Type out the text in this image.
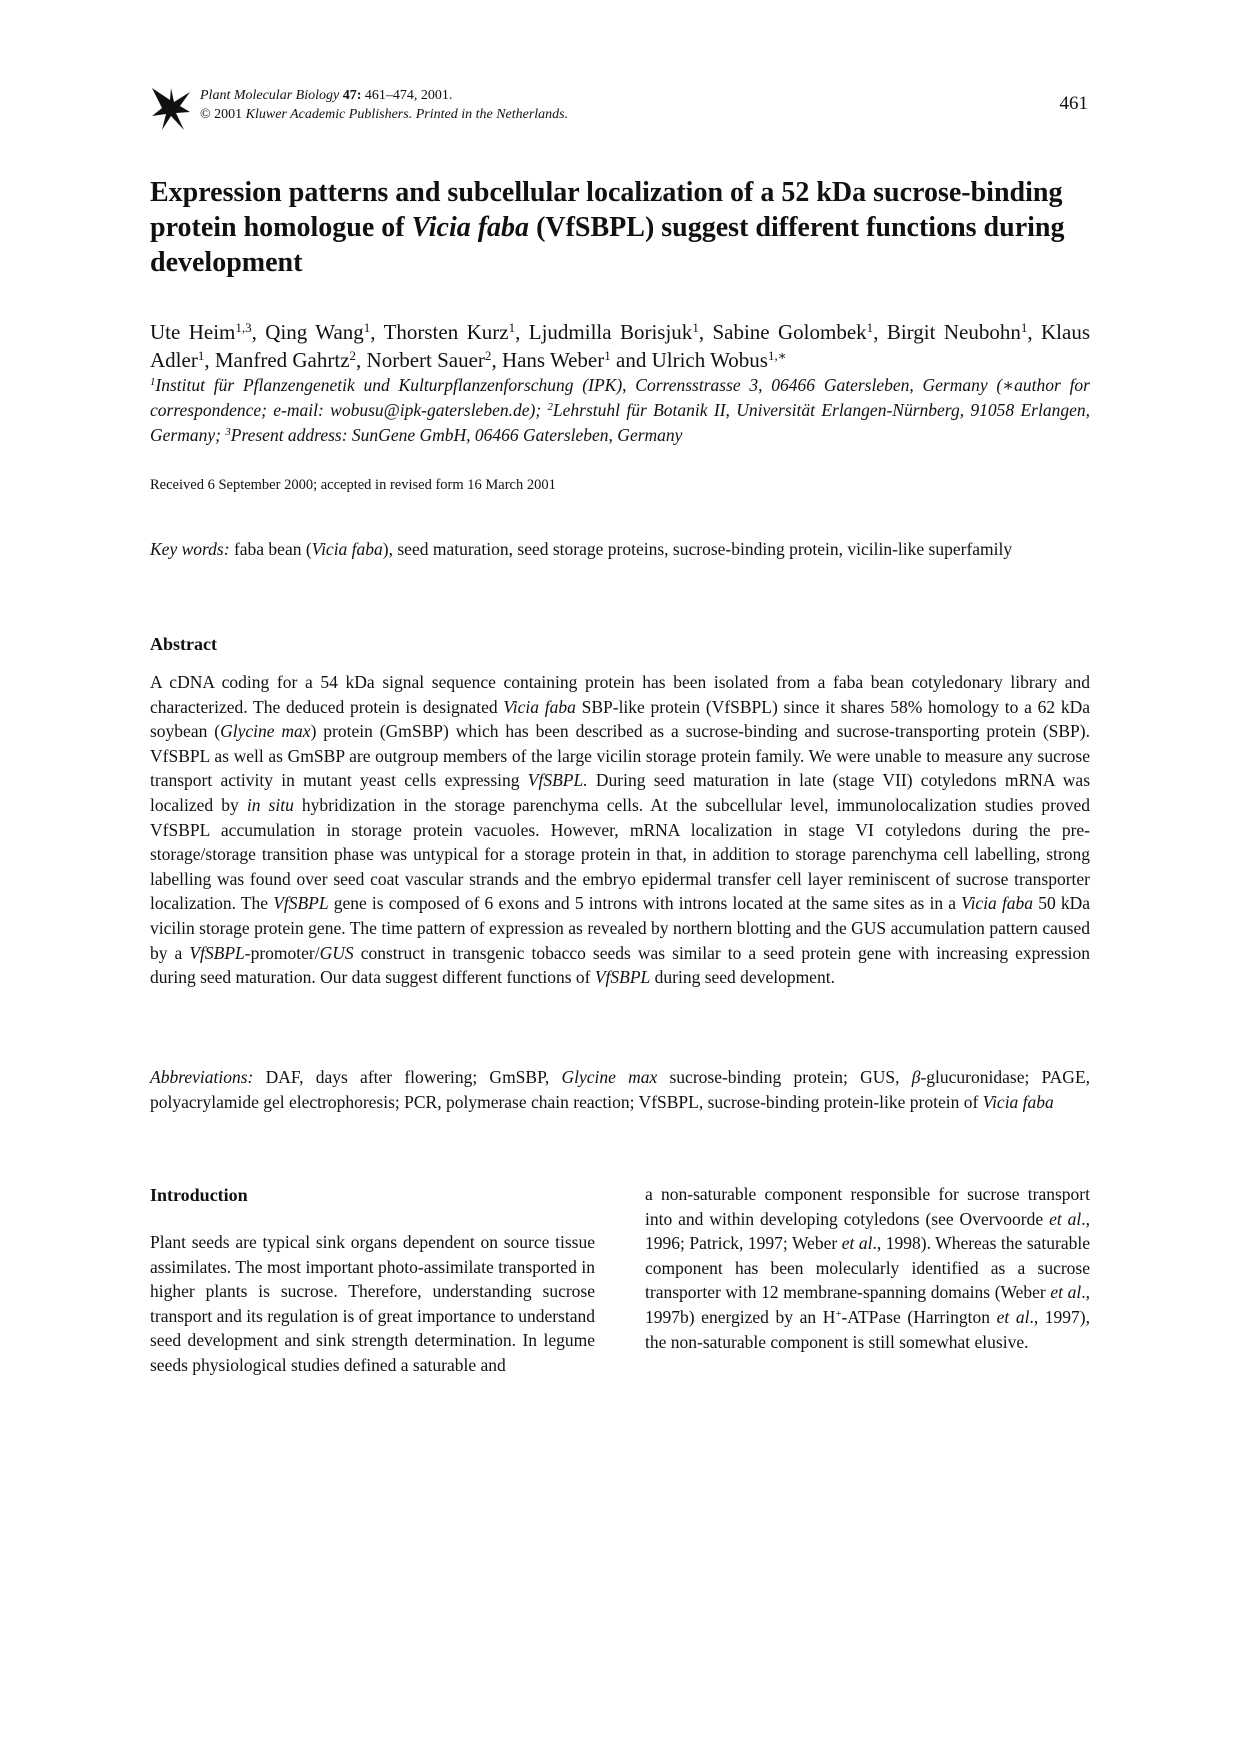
Plant Molecular Biology 47: 461–474, 2001.
© 2001 Kluwer Academic Publishers. Printed in the Netherlands.
461
Expression patterns and subcellular localization of a 52 kDa sucrose-binding protein homologue of Vicia faba (VfSBPL) suggest different functions during development
Ute Heim$^{1,3}$, Qing Wang$^1$, Thorsten Kurz$^1$, Ljudmilla Borisjuk$^1$, Sabine Golombek$^1$, Birgit Neubohn$^1$, Klaus Adler$^1$, Manfred Gahrtz$^2$, Norbert Sauer$^2$, Hans Weber$^1$ and Ulrich Wobus$^{1,∗}$
$^1$Institut für Pflanzengenetik und Kulturpflanzenforschung (IPK), Corrensstrasse 3, 06466 Gatersleben, Germany (∗author for correspondence; e-mail: wobusu@ipk-gatersleben.de); $^2$Lehrstuhl für Botanik II, Universität Erlangen-Nürnberg, 91058 Erlangen, Germany; $^3$Present address: SunGene GmbH, 06466 Gatersleben, Germany
Received 6 September 2000; accepted in revised form 16 March 2001
Key words: faba bean (Vicia faba), seed maturation, seed storage proteins, sucrose-binding protein, vicilin-like superfamily
Abstract
A cDNA coding for a 54 kDa signal sequence containing protein has been isolated from a faba bean cotyledonary library and characterized. The deduced protein is designated Vicia faba SBP-like protein (VfSBPL) since it shares 58% homology to a 62 kDa soybean (Glycine max) protein (GmSBP) which has been described as a sucrose-binding and sucrose-transporting protein (SBP). VfSBPL as well as GmSBP are outgroup members of the large vicilin storage protein family. We were unable to measure any sucrose transport activity in mutant yeast cells expressing VfSBPL. During seed maturation in late (stage VII) cotyledons mRNA was localized by in situ hybridization in the storage parenchyma cells. At the subcellular level, immunolocalization studies proved VfSBPL accumulation in storage protein vacuoles. However, mRNA localization in stage VI cotyledons during the pre-storage/storage transition phase was untypical for a storage protein in that, in addition to storage parenchyma cell labelling, strong labelling was found over seed coat vascular strands and the embryo epidermal transfer cell layer reminiscent of sucrose transporter localization. The VfSBPL gene is composed of 6 exons and 5 introns with introns located at the same sites as in a Vicia faba 50 kDa vicilin storage protein gene. The time pattern of expression as revealed by northern blotting and the GUS accumulation pattern caused by a VfSBPL-promoter/GUS construct in transgenic tobacco seeds was similar to a seed protein gene with increasing expression during seed maturation. Our data suggest different functions of VfSBPL during seed development.
Abbreviations: DAF, days after flowering; GmSBP, Glycine max sucrose-binding protein; GUS, β-glucuronidase; PAGE, polyacrylamide gel electrophoresis; PCR, polymerase chain reaction; VfSBPL, sucrose-binding protein-like protein of Vicia faba
Introduction
Plant seeds are typical sink organs dependent on source tissue assimilates. The most important photo-assimilate transported in higher plants is sucrose. Therefore, understanding sucrose transport and its regulation is of great importance to understand seed development and sink strength determination. In legume seeds physiological studies defined a saturable and
a non-saturable component responsible for sucrose transport into and within developing cotyledons (see Overvoorde et al., 1996; Patrick, 1997; Weber et al., 1998). Whereas the saturable component has been molecularly identified as a sucrose transporter with 12 membrane-spanning domains (Weber et al., 1997b) energized by an H+-ATPase (Harrington et al., 1997), the non-saturable component is still somewhat elusive.
